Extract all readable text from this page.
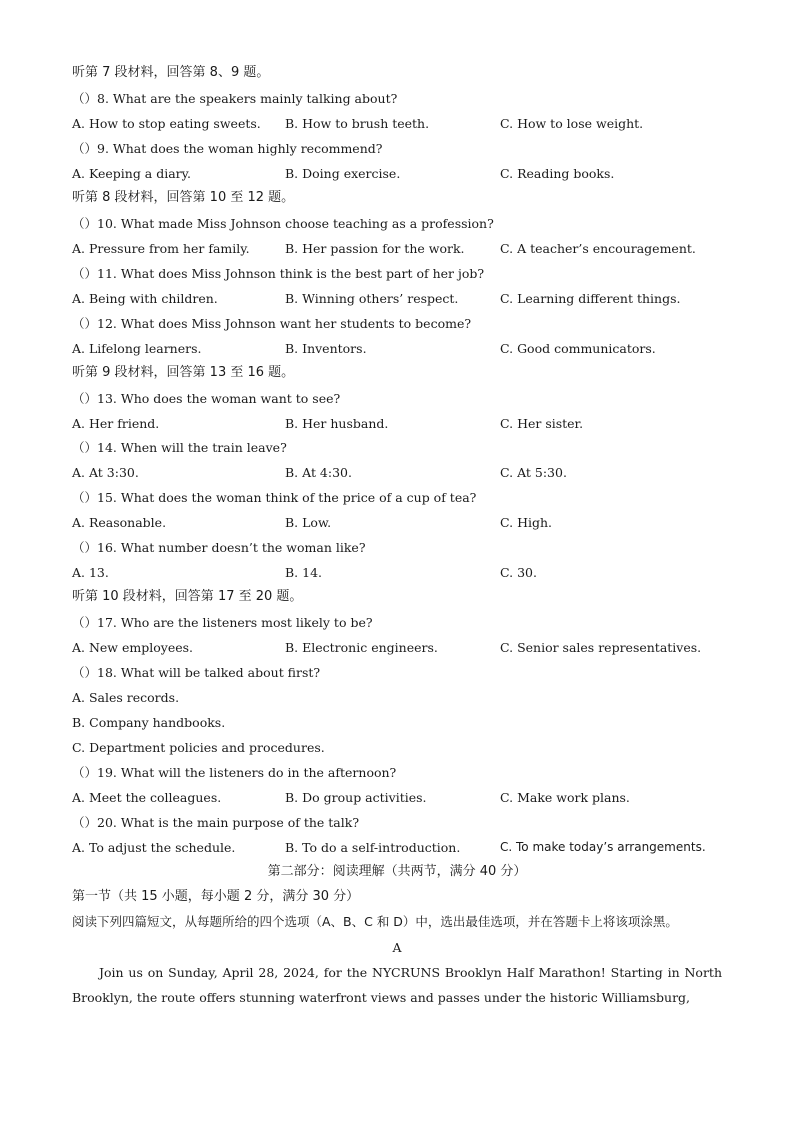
听第 7 段材料，回答第 8、9 题。
（）8. What are the speakers mainly talking about?

A. How to stop eating sweets.

B. How to brush teeth.

	C. How to lose weight.

（）9. What does the woman highly recommend?

A. Keeping a diary.

	B. Doing exercise.

	C. Reading books.

听第 8 段材料，回答第 10 至 12 题。
（）10. What made Miss Johnson choose teaching as a profession?

A. Pressure from her family.

	B. Her passion for the work.

	C. A teacher’s encouragement.

（）11. What does Miss Johnson think is the best part of her job?

A. Being with children.

	B. Winning others’ respect.

	C. Learning different things.

（）12. What does Miss Johnson want her students to become?

A. Lifelong learners.

	B. Inventors.

	C. Good communicators.

听第 9 段材料，回答第 13 至 16 题。
（）13. Who does the woman want to see?

A. Her friend.

	B. Her husband.

	C. Her sister.

（）14. When will the train leave?

A. At 3:30.

	B. At 4:30.

	C. At 5:30.

（）15. What does the woman think of the price of a cup of tea?

A. Reasonable.

	B. Low.

	C. High.

（）16. What number doesn’t the woman like?

A. 13.

	B. 14.

	C. 30.

听第 10 段材料，回答第 17 至 20 题。
（）17. Who are the listeners most likely to be?

A. New employees.

	B. Electronic engineers.

	C. Senior sales representatives.

（）18. What will be talked about first?
A. Sales records.
B. Company handbooks.
C. Department policies and procedures.
（）19. What will the listeners do in the afternoon?

A. Meet the colleagues.

	B. Do group activities.

	C. Make work plans.

（）20. What is the main purpose of the talk?

A. To adjust the schedule.

	B. To do a self-introduction.

	C. To make today’s arrangements.

第二部分：阅读理解（共两节，满分 40 分）
第一节（共 15 小题，每小题 2 分，满分 30 分）
阅读下列四篇短文，从每题所给的四个选项（A、B、C 和 D）中，选出最佳选项，并在答题卡上将该项涂黑。
A
Join us on Sunday, April 28, 2024, for the NYCRUNS Brooklyn Half Marathon! Starting in North Brooklyn, the route offers stunning waterfront views and passes under the historic Williamsburg,
